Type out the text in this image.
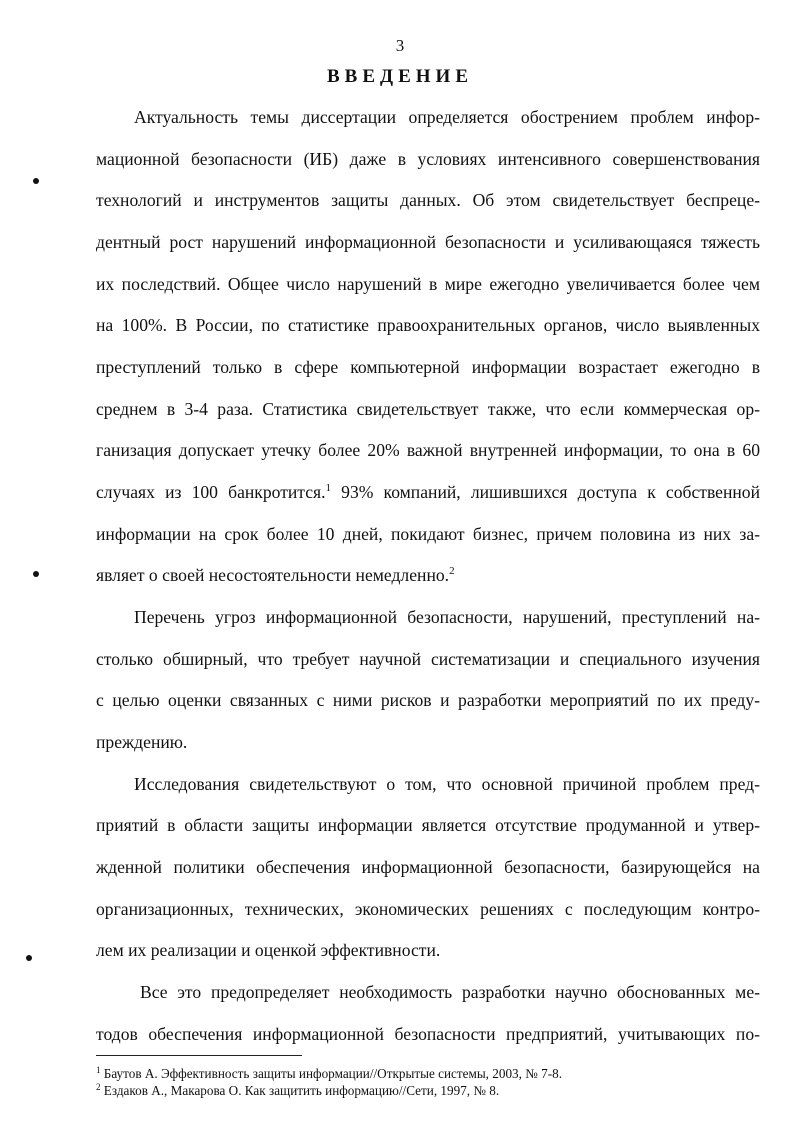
3
ВВЕДЕНИЕ
Актуальность темы диссертации определяется обострением проблем инфор-
мационной безопасности (ИБ) даже в условиях интенсивного совершенствования
технологий и инструментов защиты данных. Об этом свидетельствует беспреце-
дентный рост нарушений информационной безопасности и усиливающаяся тяжесть
их последствий. Общее число нарушений в мире ежегодно увеличивается более чем
на 100%. В России, по статистике правоохранительных органов, число выявленных
преступлений только в сфере компьютерной информации возрастает ежегодно в
среднем в 3-4 раза. Статистика свидетельствует также, что если коммерческая ор-
ганизация допускает утечку более 20% важной внутренней информации, то она в 60
случаях из 100 банкротится.$^1$ 93% компаний, лишившихся доступа к собственной
информации на срок более 10 дней, покидают бизнес, причем половина из них за-
являет о своей несостоятельности немедленно.$^2$
Перечень угроз информационной безопасности, нарушений, преступлений на-
столько обширный, что требует научной систематизации и специального изучения
с целью оценки связанных с ними рисков и разработки мероприятий по их преду-
преждению.
Исследования свидетельствуют о том, что основной причиной проблем пред-
приятий в области защиты информации является отсутствие продуманной и утвер-
жденной политики обеспечения информационной безопасности, базирующейся на
организационных, технических, экономических решениях с последующим контро-
лем их реализации и оценкой эффективности.
Все это предопределяет необходимость разработки научно обоснованных ме-
тодов обеспечения информационной безопасности предприятий, учитывающих по-
$^1$ Баутов А. Эффективность защиты информации//Открытые системы, 2003, № 7-8.
$^2$ Ездаков А., Макарова О. Как защитить информацию//Сети, 1997, № 8.
